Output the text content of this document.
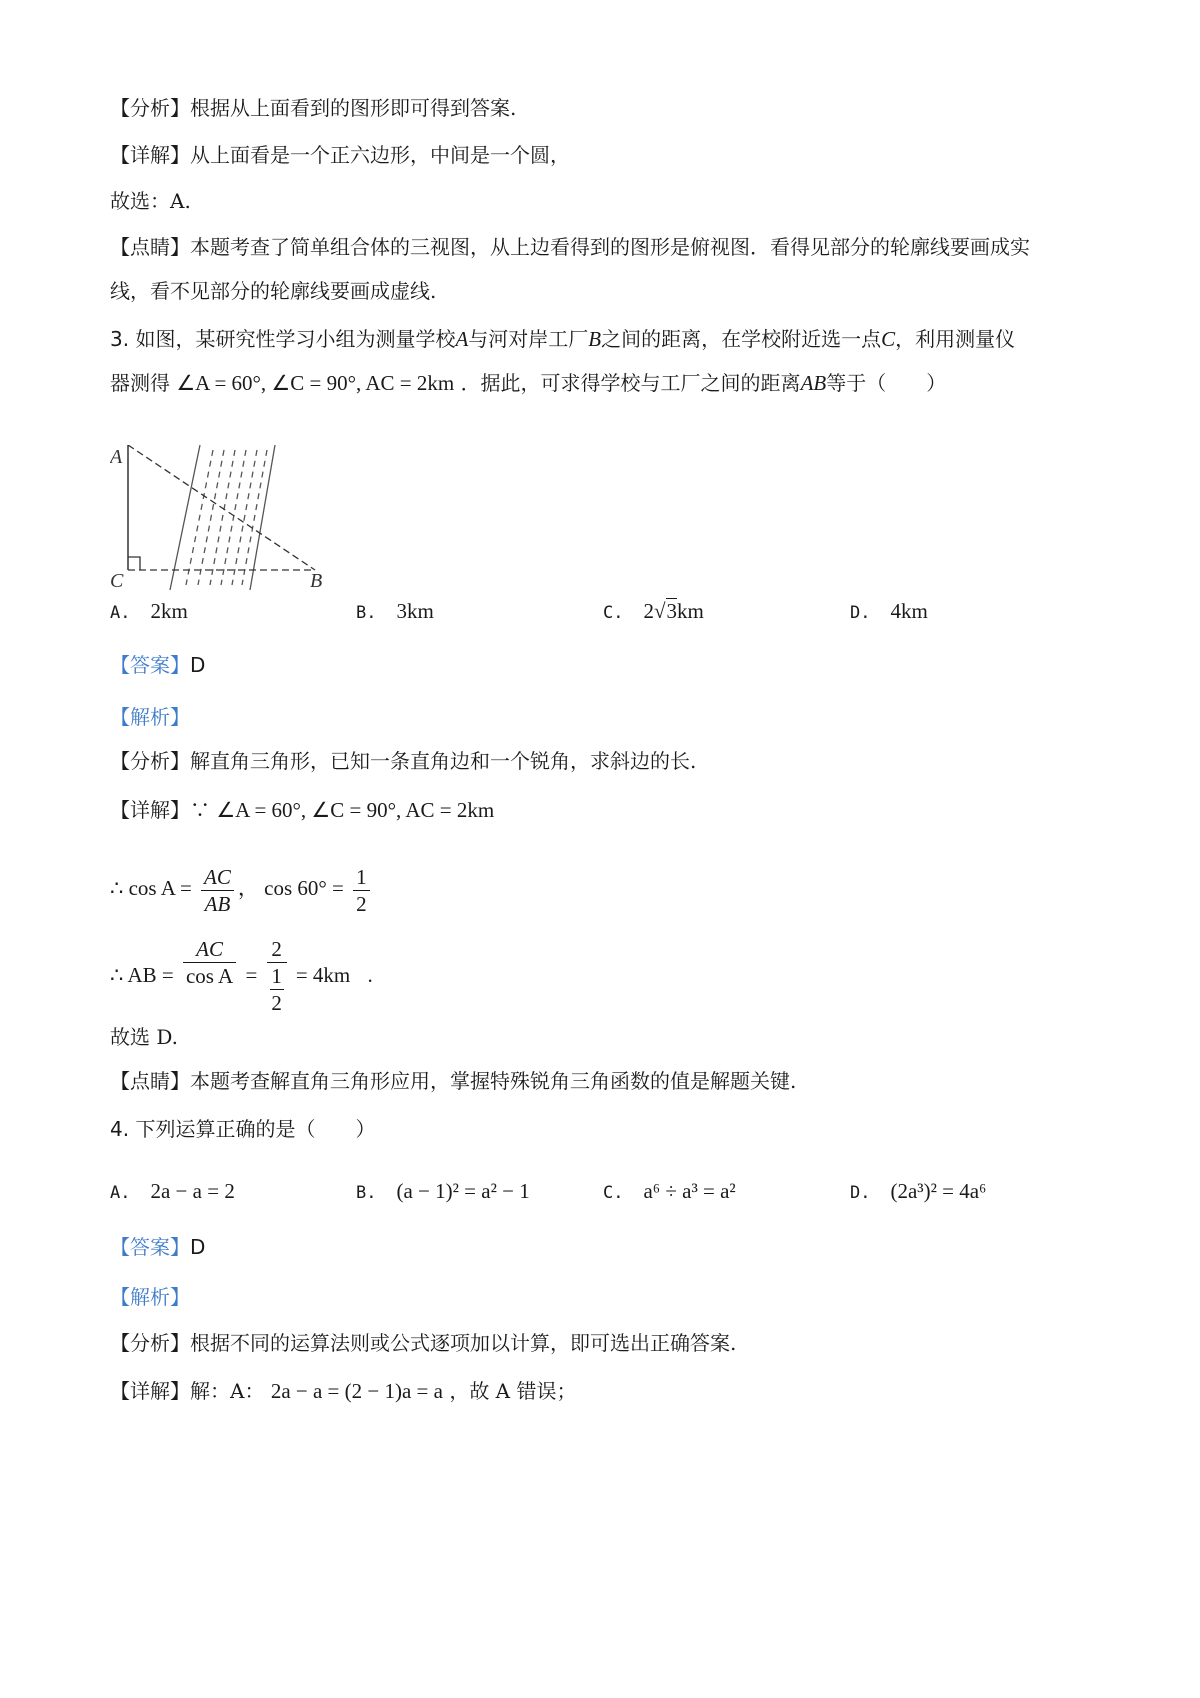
【分析】根据从上面看到的图形即可得到答案.
【详解】从上面看是一个正六边形，中间是一个圆，
故选：A.
【点睛】本题考查了简单组合体的三视图，从上边看得到的图形是俯视图．看得见部分的轮廓线要画成实
线，看不见部分的轮廓线要画成虚线.
3. 如图，某研究性学习小组为测量学校A与河对岸工厂B之间的距离，在学校附近选一点C，利用测量仪
器测得 ∠A = 60°, ∠C = 90°, AC = 2km ．据此，可求得学校与工厂之间的距离AB等于（　　）
A
C	B
A. 2km	B. 3km	C. 2√3km	D. 4km
【答案】D
【解析】
【分析】解直角三角形，已知一条直角边和一个锐角，求斜边的长.
【详解】∵ ∠A = 60°, ∠C = 90°, AC = 2km
∴ $\cos A = \frac{AC}{AB}$ ， $\cos 60^\circ = \frac{1}{2}$
∴ AB = $\frac{AC}{\text{cos A}} = 2$
1
2 = 4km .
故选 D.
【点睛】本题考查解直角三角形应用，掌握特殊锐角三角函数的值是解题关键.
4. 下列运算正确的是（　　）
A. 2a − a = 2	B. (a − 1)² = a² − 1	C. a⁶ ÷ a³ = a²	D. (2a³)² = 4a⁶
【答案】D
【解析】
【分析】根据不同的运算法则或公式逐项加以计算，即可选出正确答案.
【详解】解：A： 2a − a = (2 − 1)a = a ，故 A 错误；
